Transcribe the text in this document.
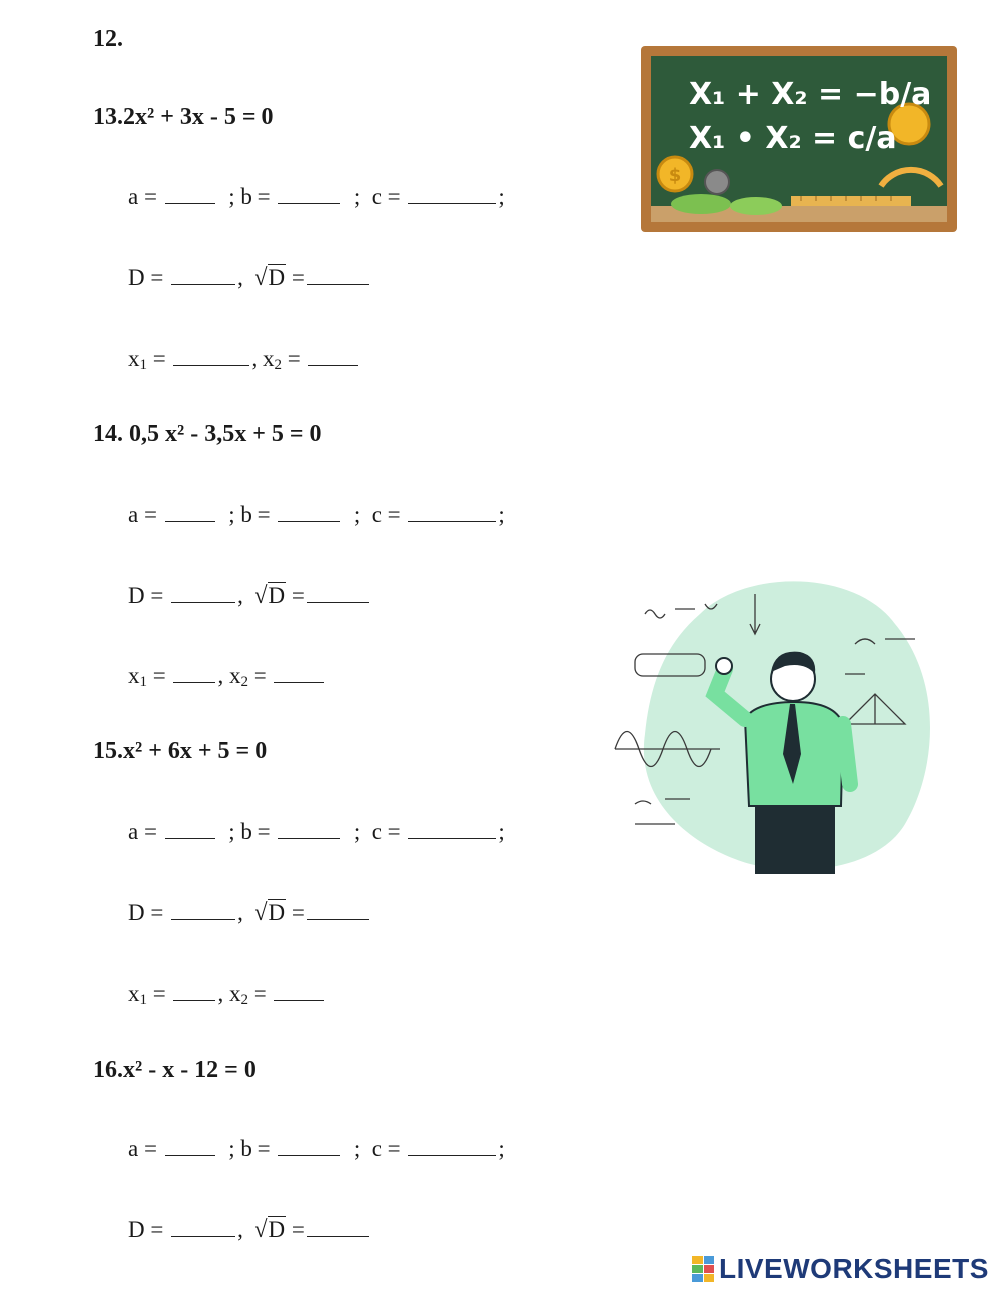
12.
13.2x² + 3x - 5 = 0
a =	; b =	;  c =	;
D =	, √D =
$x_1$ =	, $x_2$ =
14. 0,5 x² - 3,5x + 5 = 0
a =	; b =	;  c =	;
D =	, √D =
$x_1$ = , $x_2$ =
15.x² + 6x + 5 = 0
a =	; b =	;  c =	;
D =	, √D =
$x_1$ = , $x_2$ =
16.x² - x - 12 = 0
a =	; b =	;  c =	;
D =	, √D =
$
X₁ + X₂ = −b/a
X₁ • X₂ = c/a
LIVEWORKSHEETS
